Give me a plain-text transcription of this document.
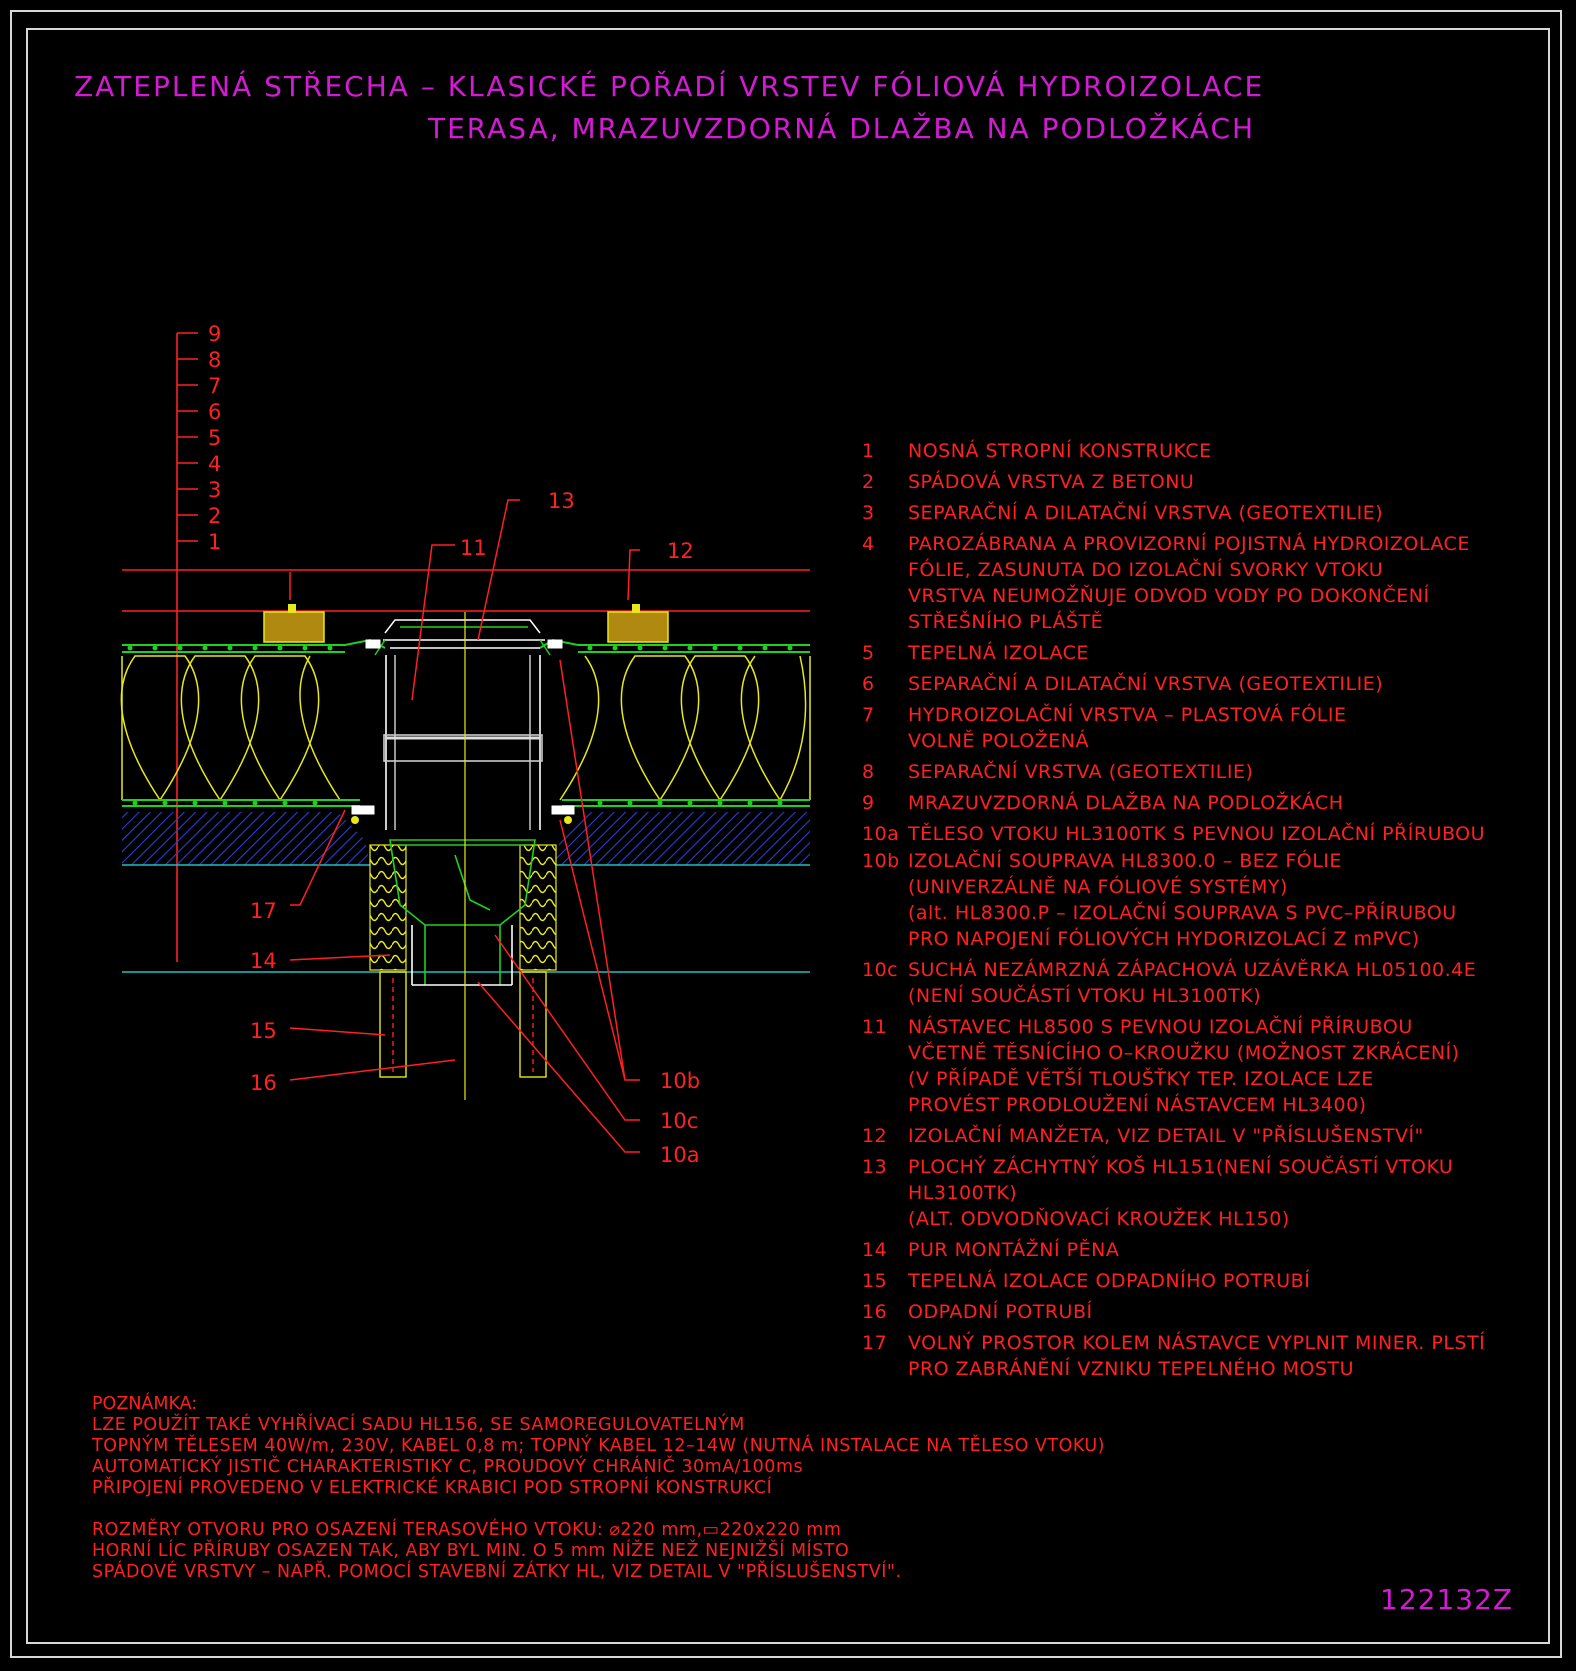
ZATEPLENÁ STŘECHA – KLASICKÉ POŘADÍ VRSTEV FÓLIOVÁ HYDROIZOLACE
TERASA, MRAZUVZDORNÁ DLAŽBA NA PODLOŽKÁCH
9
8
7
6
5
4
3
2
1
13
11	12
17
14
15
16	10b
10c
10a
1	NOSNÁ STROPNÍ KONSTRUKCE
2	SPÁDOVÁ VRSTVA Z BETONU
3	SEPARAČNÍ A DILATAČNÍ VRSTVA (GEOTEXTILIE)
4	PAROZÁBRANA A PROVIZORNÍ POJISTNÁ HYDROIZOLACE
FÓLIE, ZASUNUTA DO IZOLAČNÍ SVORKY VTOKU
VRSTVA NEUMOŽŇUJE ODVOD VODY PO DOKONČENÍ
STŘEŠNÍHO PLÁŠTĚ
5	TEPELNÁ IZOLACE
6	SEPARAČNÍ A DILATAČNÍ VRSTVA (GEOTEXTILIE)
7	HYDROIZOLAČNÍ VRSTVA – PLASTOVÁ FÓLIE
VOLNĚ POLOŽENÁ
8	SEPARAČNÍ VRSTVA (GEOTEXTILIE)
9	MRAZUVZDORNÁ DLAŽBA NA PODLOŽKÁCH
10a TĚLESO VTOKU HL3100TK S PEVNOU IZOLAČNÍ PŘÍRUBOU
10b IZOLAČNÍ SOUPRAVA HL8300.0 – BEZ FÓLIE
(UNIVERZÁLNĚ NA FÓLIOVÉ SYSTÉMY)
(alt. HL8300.P – IZOLAČNÍ SOUPRAVA S PVC–PŘÍRUBOU
PRO NAPOJENÍ FÓLIOVÝCH HYDORIZOLACÍ Z mPVC)
10c SUCHÁ NEZÁMRZNÁ ZÁPACHOVÁ UZÁVĚRKA HL05100.4E
(NENÍ SOUČÁSTÍ VTOKU HL3100TK)
11	NÁSTAVEC HL8500 S PEVNOU IZOLAČNÍ PŘÍRUBOU
VČETNĚ TĚSNÍCÍHO O–KROUŽKU (MOŽNOST ZKRÁCENÍ)
(V PŘÍPADĚ VĚTŠÍ TLOUŠŤKY TEP. IZOLACE LZE
PROVÉST PRODLOUŽENÍ NÁSTAVCEM HL3400)
12	IZOLAČNÍ MANŽETA, VIZ DETAIL V "PŘÍSLUŠENSTVÍ"
13	PLOCHÝ ZÁCHYTNÝ KOŠ HL151(NENÍ SOUČÁSTÍ VTOKU HL3100TK)
(ALT. ODVODŇOVACÍ KROUŽEK HL150)
14	PUR MONTÁŽNÍ PĚNA
15	TEPELNÁ IZOLACE ODPADNÍHO POTRUBÍ
16	ODPADNÍ POTRUBÍ
17	VOLNÝ PROSTOR KOLEM NÁSTAVCE VYPLNIT MINER. PLSTÍ
PRO ZABRÁNĚNÍ VZNIKU TEPELNÉHO MOSTU

LZE POUŽÍT TAKÉ VYHŘÍVACÍ SADU HL156, SE SAMOREGULOVATELNÝM
TOPNÝM TĚLESEM 40W/m, 230V, KABEL 0,8 m; TOPNÝ KABEL 12–14W (NUTNÁ INSTALACE NA TĚLESO VTOKU)
AUTOMATICKÝ JISTIČ CHARAKTERISTIKY C, PROUDOVÝ CHRÁNIČ 30mA/100ms
PŘIPOJENÍ PROVEDENO V ELEKTRICKÉ KRABICI POD STROPNÍ KONSTRUKCÍ

ROZMĚRY OTVORU PRO OSAZENÍ TERASOVÉHO VTOKU: ⌀220 mm,▭220x220 mm
HORNÍ LÍC PŘÍRUBY OSAZEN TAK, ABY BYL MIN. O 5 mm NÍŽE NEŽ NEJNIŽŠÍ MÍSTO
SPÁDOVÉ VRSTVY – NAPŘ. POMOCÍ STAVEBNÍ ZÁTKY HL, VIZ DETAIL V "PŘÍSLUŠENSTVÍ".
POZNÁMKA:
122132Z
